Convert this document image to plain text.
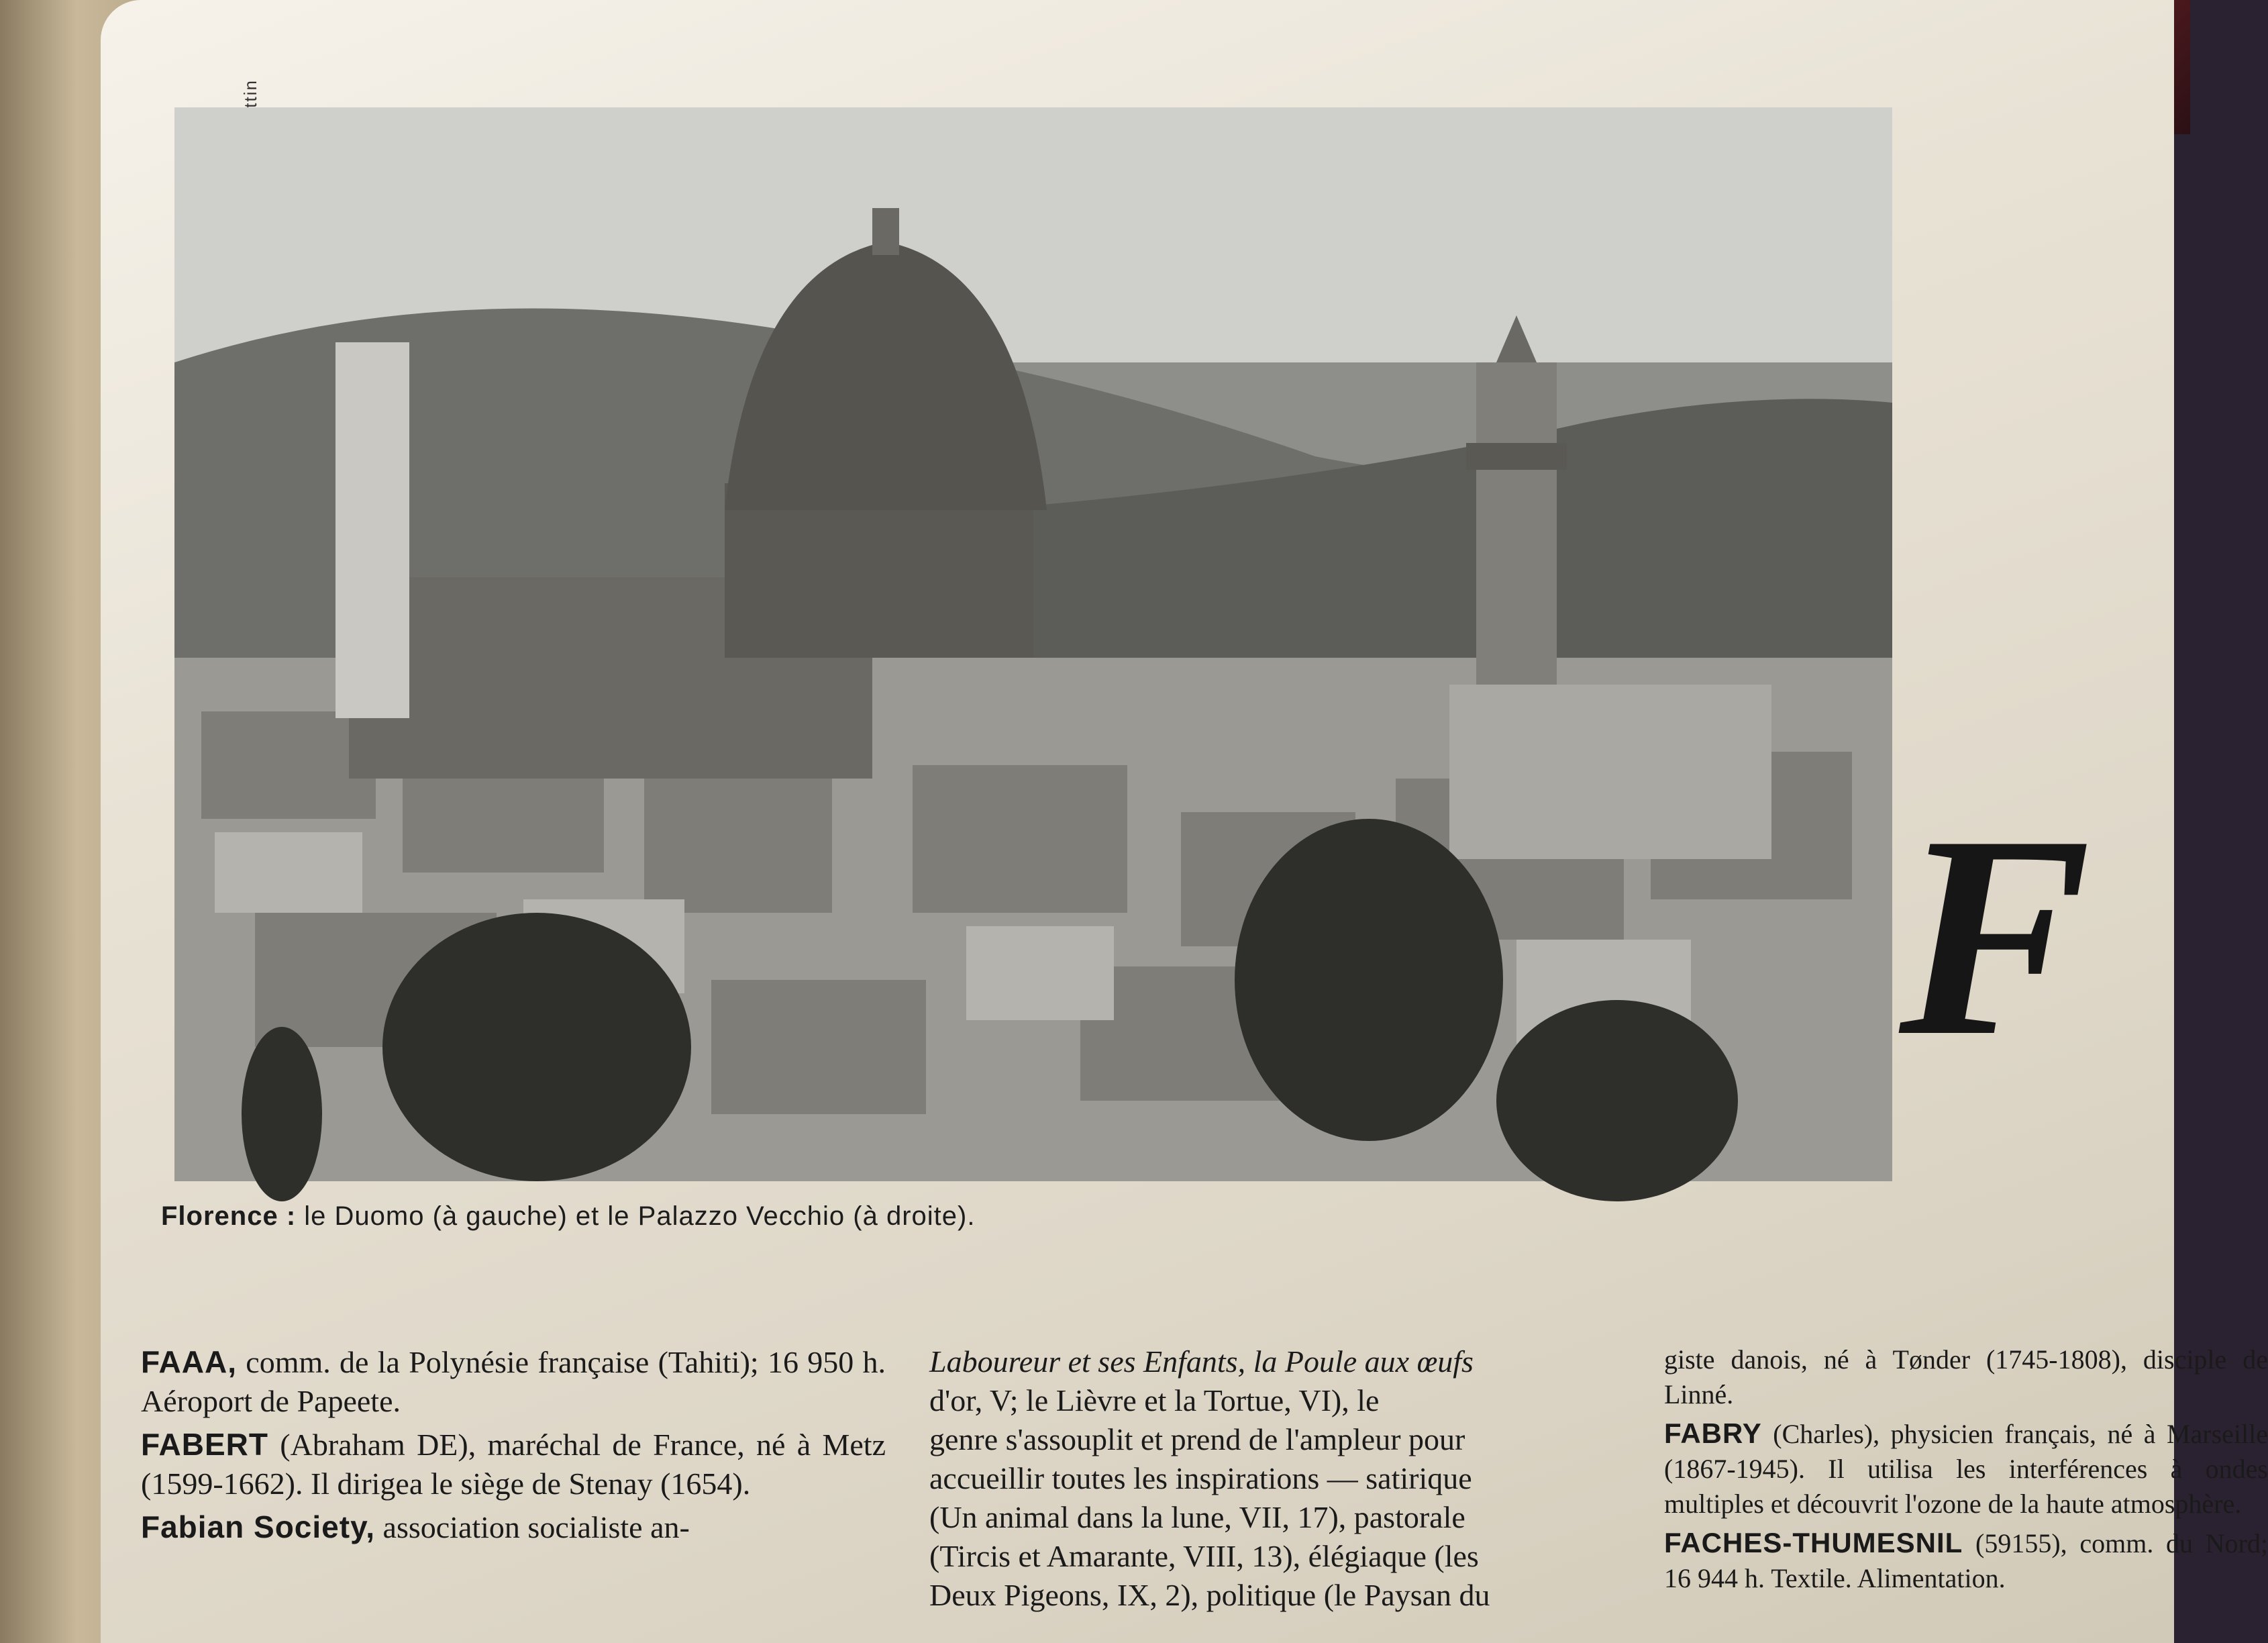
F
Florence : le Duomo (à gauche) et le Palazzo Vecchio (à droite).

FAAA, comm. de la Polynésie française (Tahiti); 16 950 h. Aéroport de Papeete.

FABERT (Abraham DE), maréchal de France, né à Metz (1599-1662). Il dirigea le siège de Stenay (1654).

Fabian Society, association socialiste an-

Laboureur et ses Enfants, la Poule aux œufs
d'or, V; le Lièvre et la Tortue, VI), le
genre s'assouplit et prend de l'ampleur pour
accueillir toutes les inspirations — satirique
(Un animal dans la lune, VII, 17), pastorale
(Tircis et Amarante, VIII, 13), élégiaque (les
Deux Pigeons, IX, 2), politique (le Paysan du

giste danois, né à Tønder (1745-1808), disciple de Linné.

FABRY (Charles), physicien français, né à Marseille (1867-1945). Il utilisa les interférences à ondes multiples et découvrit l'ozone de la haute atmosphère.

FACHES-THUMESNIL (59155), comm. du Nord; 16 944 h. Textile. Alimentation.
